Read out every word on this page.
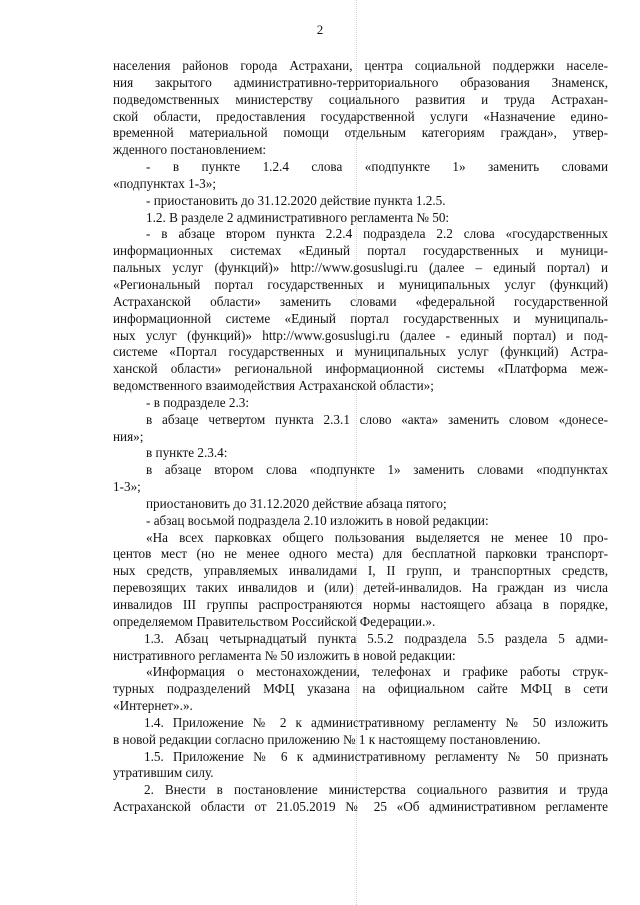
2
населения районов города Астрахани, центра социальной поддержки населе-
ния закрытого административно-территориального образования Знаменск,
подведомственных министерству социального развития и труда Астрахан-
ской области, предоставления государственной услуги «Назначение едино-
временной материальной помощи отдельным категориям граждан», утвер-
жденного постановлением:
- в пункте 1.2.4 слова «подпункте 1» заменить словами
«подпунктах 1-3»;
- приостановить до 31.12.2020 действие пункта 1.2.5.
1.2. В разделе 2 административного регламента № 50:
- в абзаце втором пункта 2.2.4 подраздела 2.2 слова «государственных
информационных системах «Единый портал государственных и муници-
пальных услуг (функций)» http://www.gosuslugi.ru (далее – единый портал) и
«Региональный портал государственных и муниципальных услуг (функций)
Астраханской области» заменить словами «федеральной государственной
информационной системе «Единый портал государственных и муниципаль-
ных услуг (функций)» http://www.gosuslugi.ru (далее - единый портал) и под-
системе «Портал государственных и муниципальных услуг (функций) Астра-
ханской области» региональной информационной системы «Платформа меж-
ведомственного взаимодействия Астраханской области»;
- в подразделе 2.3:
в абзаце четвертом пункта 2.3.1 слово «акта» заменить словом «донесе-
ния»;
в пункте 2.3.4:
в абзаце втором слова «подпункте 1» заменить словами «подпунктах
1-3»;
приостановить до 31.12.2020 действие абзаца пятого;
- абзац восьмой подраздела 2.10 изложить в новой редакции:
«На всех парковках общего пользования выделяется не менее 10 про-
центов мест (но не менее одного места) для бесплатной парковки транспорт-
ных средств, управляемых инвалидами I, II групп, и транспортных средств,
перевозящих таких инвалидов и (или) детей-инвалидов. На граждан из числа
инвалидов III группы распространяются нормы настоящего абзаца в порядке,
определяемом Правительством Российской Федерации.».
1.3. Абзац четырнадцатый пункта 5.5.2 подраздела 5.5 раздела 5 адми-
нистративного регламента № 50 изложить в новой редакции:
«Информация о местонахождении, телефонах и графике работы струк-
турных подразделений МФЦ указана на официальном сайте МФЦ в сети
«Интернет».».
1.4. Приложение № 2 к административному регламенту № 50 изложить
в новой редакции согласно приложению № 1 к настоящему постановлению.
1.5. Приложение № 6 к административному регламенту № 50 признать
утратившим силу.
2. Внести в постановление министерства социального развития и труда
Астраханской области от 21.05.2019 № 25 «Об административном регламенте
